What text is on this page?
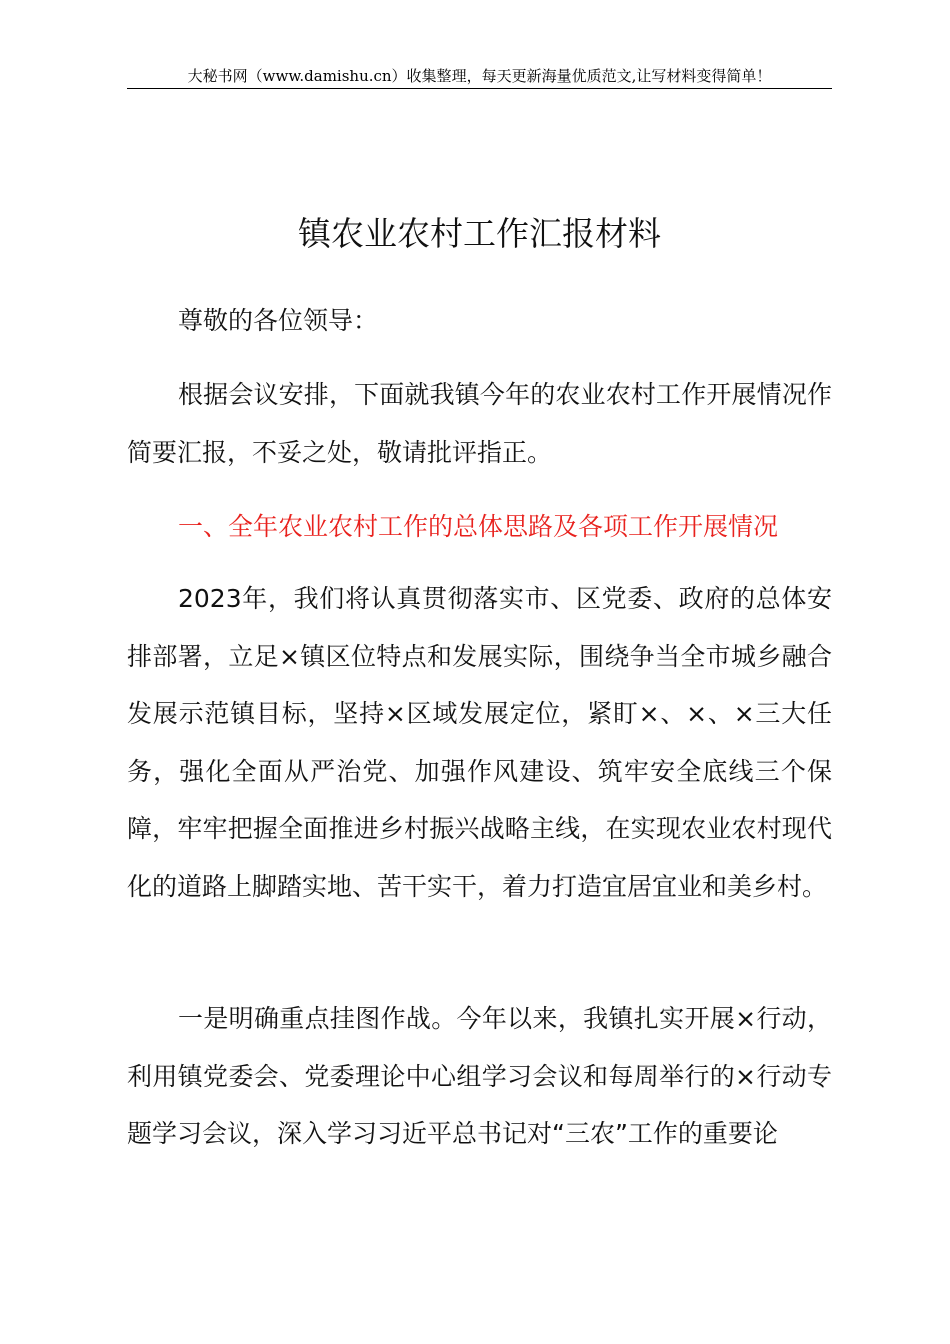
大秘书网（www.damishu.cn）收集整理，每天更新海量优质范文,让写材料变得简单！
镇农业农村工作汇报材料
尊敬的各位领导：
根据会议安排，下面就我镇今年的农业农村工作开展情况作简要汇报，不妥之处，敬请批评指正。
一、全年农业农村工作的总体思路及各项工作开展情况
2023年，我们将认真贯彻落实市、区党委、政府的总体安排部署，立足×镇区位特点和发展实际，围绕争当全市城乡融合发展示范镇目标，坚持×区域发展定位，紧盯×、×、×三大任务，强化全面从严治党、加强作风建设、筑牢安全底线三个保障，牢牢把握全面推进乡村振兴战略主线，在实现农业农村现代化的道路上脚踏实地、苦干实干，着力打造宜居宜业和美乡村。
一是明确重点挂图作战。今年以来，我镇扎实开展×行动，利用镇党委会、党委理论中心组学习会议和每周举行的×行动专题学习会议，深入学习习近平总书记对“三农”工作的重要论
